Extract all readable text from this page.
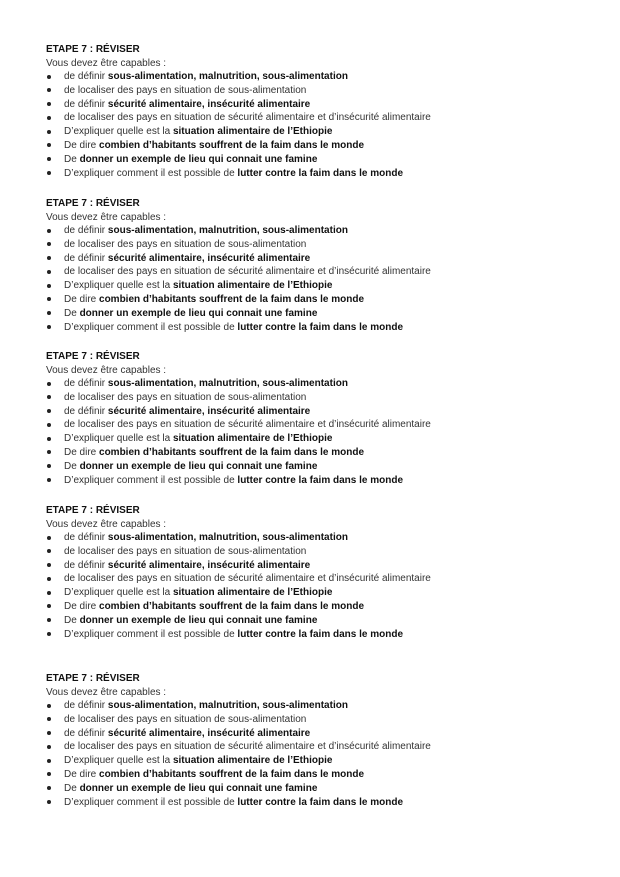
ETAPE 7 : RÉVISER
Vous devez être capables :
de définir sous-alimentation, malnutrition, sous-alimentation
de localiser des pays en situation de sous-alimentation
de définir sécurité alimentaire, insécurité alimentaire
de localiser des pays en situation de sécurité alimentaire et d’insécurité alimentaire
D’expliquer quelle est la situation alimentaire de l’Ethiopie
De dire combien d’habitants souffrent de la faim dans le monde
De donner un exemple de lieu qui connait une famine
D’expliquer comment il est possible de lutter contre la faim dans le monde
ETAPE 7 : RÉVISER
Vous devez être capables :
de définir sous-alimentation, malnutrition, sous-alimentation
de localiser des pays en situation de sous-alimentation
de définir sécurité alimentaire, insécurité alimentaire
de localiser des pays en situation de sécurité alimentaire et d’insécurité alimentaire
D’expliquer quelle est la situation alimentaire de l’Ethiopie
De dire combien d’habitants souffrent de la faim dans le monde
De donner un exemple de lieu qui connait une famine
D’expliquer comment il est possible de lutter contre la faim dans le monde
ETAPE 7 : RÉVISER
Vous devez être capables :
de définir sous-alimentation, malnutrition, sous-alimentation
de localiser des pays en situation de sous-alimentation
de définir sécurité alimentaire, insécurité alimentaire
de localiser des pays en situation de sécurité alimentaire et d’insécurité alimentaire
D’expliquer quelle est la situation alimentaire de l’Ethiopie
De dire combien d’habitants souffrent de la faim dans le monde
De donner un exemple de lieu qui connait une famine
D’expliquer comment il est possible de lutter contre la faim dans le monde
ETAPE 7 : RÉVISER
Vous devez être capables :
de définir sous-alimentation, malnutrition, sous-alimentation
de localiser des pays en situation de sous-alimentation
de définir sécurité alimentaire, insécurité alimentaire
de localiser des pays en situation de sécurité alimentaire et d’insécurité alimentaire
D’expliquer quelle est la situation alimentaire de l’Ethiopie
De dire combien d’habitants souffrent de la faim dans le monde
De donner un exemple de lieu qui connait une famine
D’expliquer comment il est possible de lutter contre la faim dans le monde
ETAPE 7 : RÉVISER
Vous devez être capables :
de définir sous-alimentation, malnutrition, sous-alimentation
de localiser des pays en situation de sous-alimentation
de définir sécurité alimentaire, insécurité alimentaire
de localiser des pays en situation de sécurité alimentaire et d’insécurité alimentaire
D’expliquer quelle est la situation alimentaire de l’Ethiopie
De dire combien d’habitants souffrent de la faim dans le monde
De donner un exemple de lieu qui connait une famine
D’expliquer comment il est possible de lutter contre la faim dans le monde
